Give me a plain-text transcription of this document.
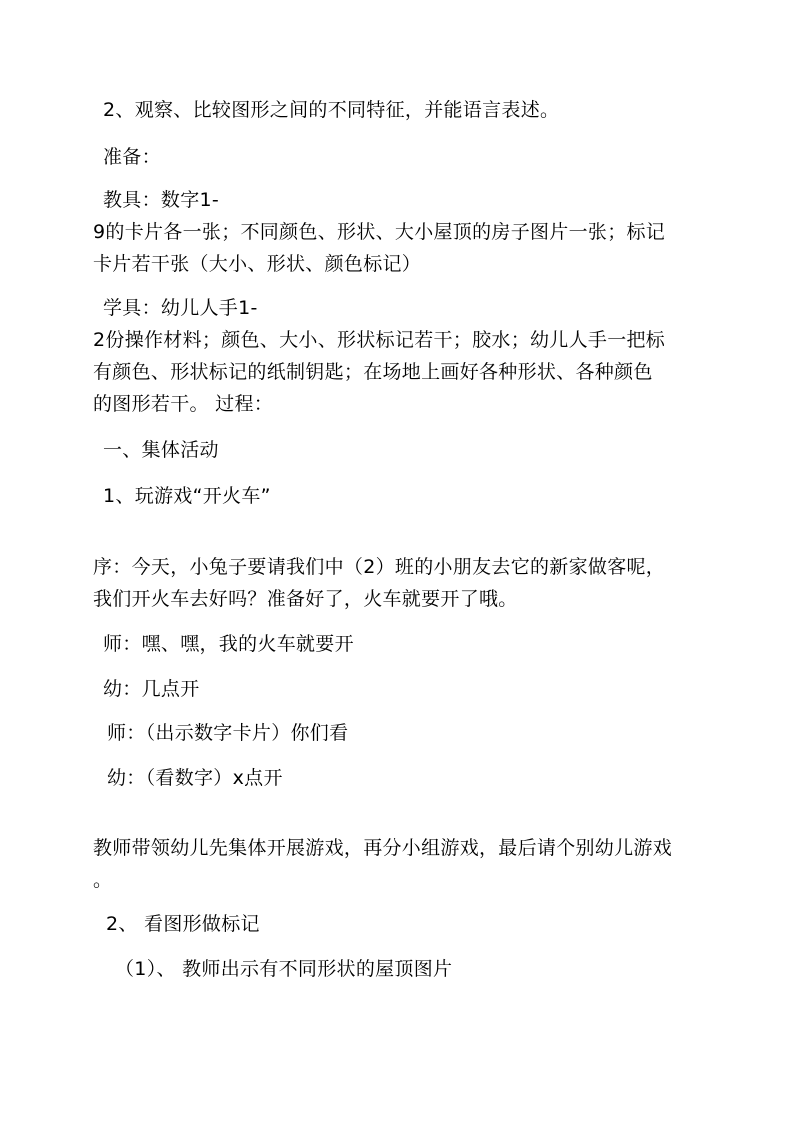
2、观察、比较图形之间的不同特征，并能语言表述。
准备：
教具：数字1-
9的卡片各一张；不同颜色、形状、大小屋顶的房子图片一张；标记
卡片若干张（大小、形状、颜色标记）
学具：幼儿人手1-
2份操作材料；颜色、大小、形状标记若干；胶水；幼儿人手一把标
有颜色、形状标记的纸制钥匙；在场地上画好各种形状、各种颜色
的图形若干。 过程：
一、集体活动
1、玩游戏“开火车”
序：今天，小兔子要请我们中（2）班的小朋友去它的新家做客呢，
我们开火车去好吗？准备好了，火车就要开了哦。
师：嘿、嘿，我的火车就要开
幼：几点开
师：（出示数字卡片）你们看
幼：（看数字）x点开
教师带领幼儿先集体开展游戏，再分小组游戏，最后请个别幼儿游戏
。
2、 看图形做标记
（1）、 教师出示有不同形状的屋顶图片
